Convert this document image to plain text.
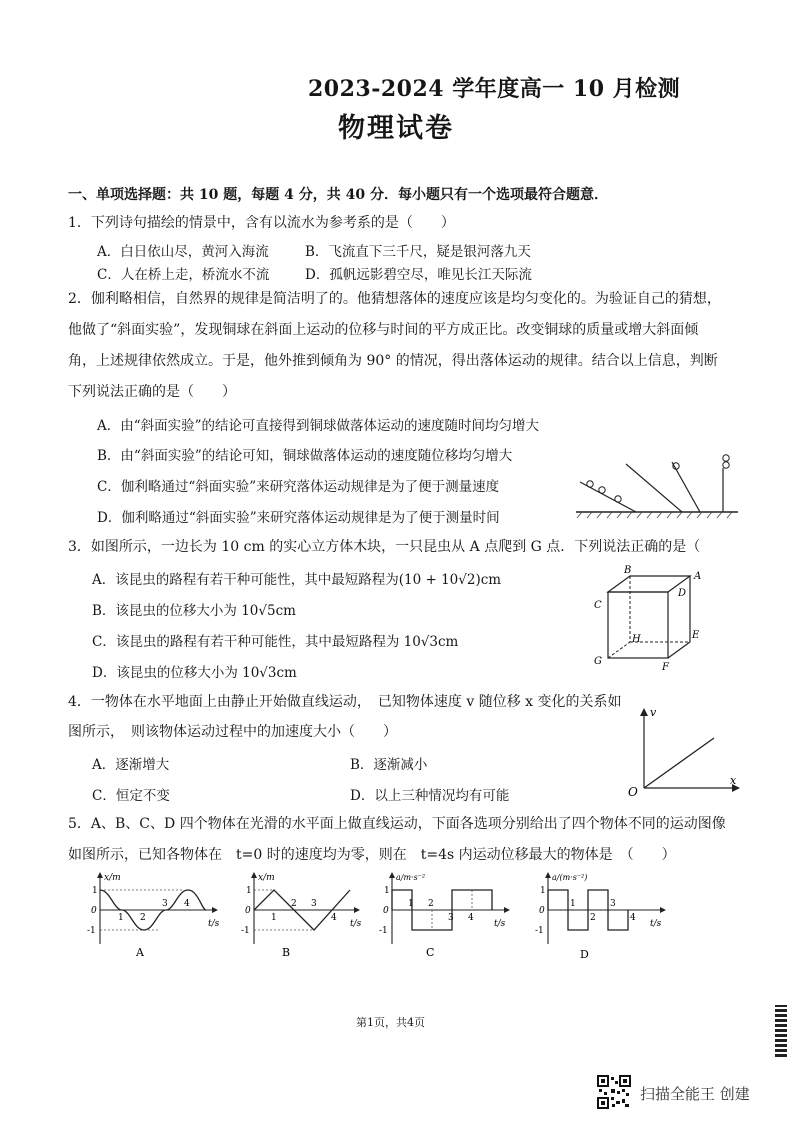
2023-2024 学年度高一 10 月检测
物理试卷
一、单项选择题：共 10 题，每题 4 分，共 40 分．每小题只有一个选项最符合题意．
1．下列诗句描绘的情景中，含有以流水为参考系的是（　　）
A．白日依山尽，黄河入海流	B．飞流直下三千尺，疑是银河落九天
C．人在桥上走，桥流水不流	D．孤帆远影碧空尽，唯见长江天际流
2．伽利略相信，自然界的规律是简洁明了的。他猜想落体的速度应该是均匀变化的。为验证自己的猜想，
他做了“斜面实验”，发现铜球在斜面上运动的位移与时间的平方成正比。改变铜球的质量或增大斜面倾
角，上述规律依然成立。于是，他外推到倾角为 90° 的情况，得出落体运动的规律。结合以上信息，判断
下列说法正确的是（　　）
A．由“斜面实验”的结论可直接得到铜球做落体运动的速度随时间均匀增大
B．由“斜面实验”的结论可知，铜球做落体运动的速度随位移均匀增大
C．伽利略通过“斜面实验”来研究落体运动规律是为了便于测量速度
D．伽利略通过“斜面实验”来研究落体运动规律是为了便于测量时间
3．如图所示，一边长为 10 cm 的实心立方体木块，一只昆虫从 A 点爬到 G 点．下列说法正确的是（
A．该昆虫的路程有若干种可能性，其中最短路程为(10 + 10√2)cm
B．该昆虫的位移大小为 10√5cm
C．该昆虫的路程有若干种可能性，其中最短路程为 10√3cm
D．该昆虫的位移大小为 10√3cm
B
A
C
D
H	E
G
F
4．一物体在水平地面上由静止开始做直线运动，　已知物体速度 v 随位移 x 变化的关系如
图所示，　则该物体运动过程中的加速度大小（　　）
A．逐渐增大	B．逐渐减小
C．恒定不变	D．以上三种情况均有可能
v
x
O
5．A、B、C、D 四个物体在光滑的水平面上做直线运动，下面各选项分别给出了四个物体不同的运动图像
如图所示，已知各物体在　t=0 时的速度均为零，则在　t=4s 内运动位移最大的物体是　（　　）
x/m
t/s
1
0
-1
1 2
3 4
A
x/m
t/s
1
0
-1
1
2 3
4
B
a/m·s⁻²
t/s
1
0
-1
1 2
3 4
C
a/(m·s⁻²)
t/s
1
0
-1
1
2
3
4
D
第1页，共4页
扫描全能王 创建
